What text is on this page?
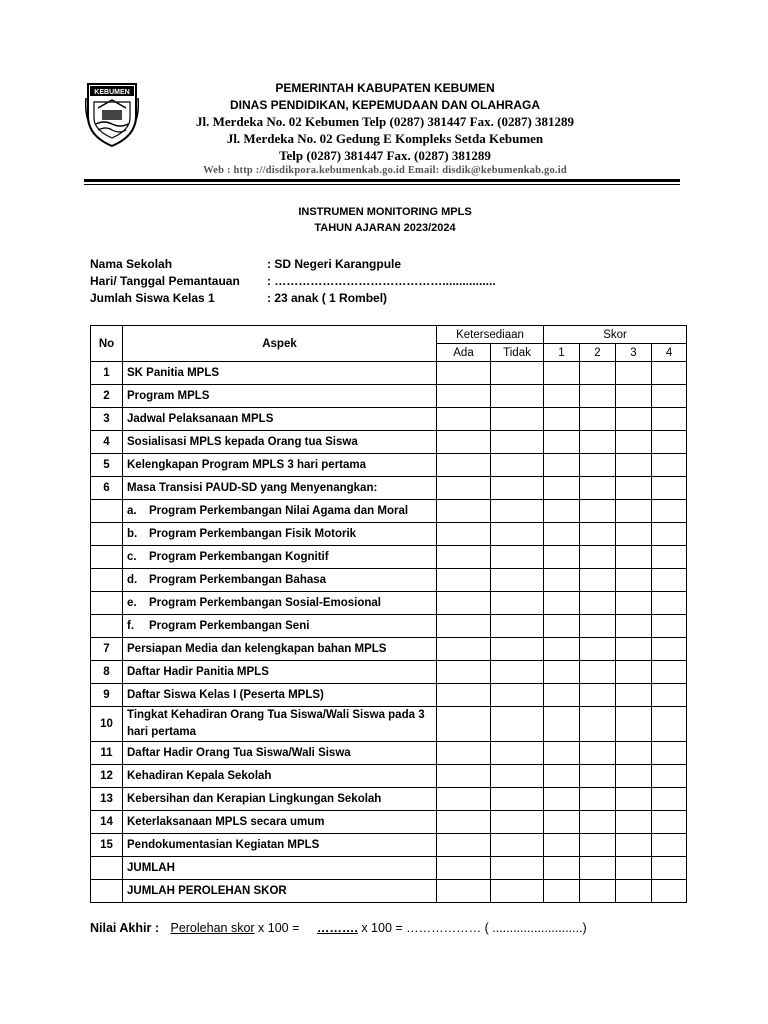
KEBUMEN	PEMERINTAH KABUPATEN KEBUMEN
DINAS PENDIDIKAN, KEPEMUDAAN DAN OLAHRAGA
Jl. Merdeka No. 02 Kebumen Telp (0287) 381447 Fax. (0287) 381289
Jl. Merdeka No. 02 Gedung E Kompleks Setda Kebumen
Telp (0287) 381447 Fax. (0287) 381289
Web : http ://disdikpora.kebumenkab.go.id Email: disdik@kebumenkab.go.id
INSTRUMEN MONITORING MPLS
TAHUN AJARAN 2023/2024
Nama Sekolah	: SD Negeri Karangpule
Hari/ Tanggal Pemantauan : ……………………………………................
Jumlah Siswa Kelas 1	: 23 anak ( 1 Rombel)
No	Aspek	Ketersediaan		Skor			
		Ada	Tidak	1	2	3	4
1	SK Panitia MPLS						
2	Program MPLS						
3	Jadwal Pelaksanaan MPLS						
4	Sosialisasi MPLS kepada Orang tua Siswa						
5	Kelengkapan Program MPLS 3 hari pertama						
6	Masa Transisi PAUD-SD yang Menyenangkan:						
	a. Program Perkembangan Nilai Agama dan Moral						
	b. Program Perkembangan Fisik Motorik						
	c. Program Perkembangan Kognitif						
	d. Program Perkembangan Bahasa						
	e. Program Perkembangan Sosial-Emosional						
	f. Program Perkembangan Seni						
7	Persiapan Media dan kelengkapan bahan MPLS						
8	Daftar Hadir Panitia MPLS						
9	Daftar Siswa Kelas I (Peserta MPLS)						
10	Tingkat Kehadiran Orang Tua Siswa/Wali Siswa pada 3 hari pertama						
11	Daftar Hadir Orang Tua Siswa/Wali Siswa						
12	Kehadiran Kepala Sekolah						
13	Kebersihan dan Kerapian Lingkungan Sekolah						
14	Keterlaksanaan MPLS secara umum						
15	Pendokumentasian Kegiatan MPLS						
	JUMLAH						
	JUMLAH PEROLEHAN SKOR						
Nilai Akhir : Perolehan skor x 100 = ………. x 100 = ……………… ( ..........................)
